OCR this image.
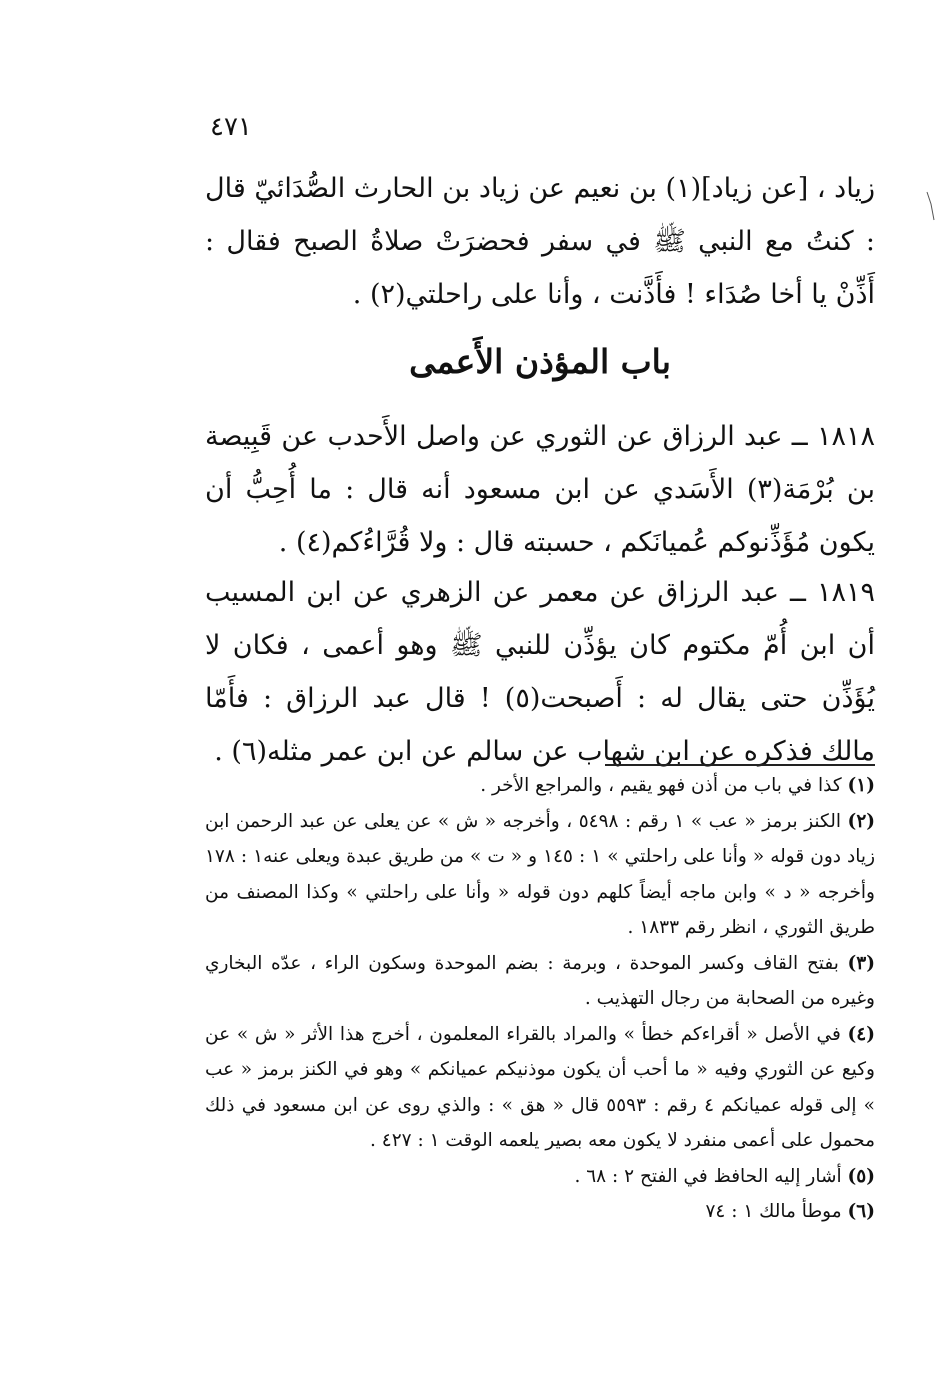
٤٧١

زياد ، [عن زياد](١) بن نعيم عن زياد بن الحارث الصُّدَائيّ قال : كنتُ مع النبي ﷺ في سفر فحضرَتْ صلاةُ الصبح فقال : أَذِّنْ يا أخا صُدَاء ! فأَذَّنت ، وأنا على راحلتي(٢) .

باب المؤذن الأَعمى

١٨١٨ ــ عبد الرزاق عن الثوري عن واصل الأَحدب عن قَبِيصة بن بُرْمَة(٣) الأَسَدي عن ابن مسعود أنه قال : ما أُحِبُّ أن يكون مُؤَذِّنوكم عُميانَكم ، حسبته قال : ولا قُرَّاءُكم(٤) .

١٨١٩ ــ عبد الرزاق عن معمر عن الزهري عن ابن المسيب أن ابن أُمّ مكتوم كان يؤذِّن للنبي ﷺ وهو أعمى ، فكان لا يُؤَذِّن حتى يقال له : أَصبحت(٥) ! قال عبد الرزاق : فأَمّا مالك فذكره عن ابن شهاب عن سالم عن ابن عمر مثله(٦) .

(١) كذا في باب من أذن فهو يقيم ، والمراجع الأخر .

(٢) الكنز برمز « عب » ١ رقم : ٥٤٩٨ ، وأخرجه « ش » عن يعلى عن عبد الرحمن ابن زياد دون قوله « وأنا على راحلتي » ١ : ١٤٥ و « ت » من طريق عبدة ويعلى عنه١ : ١٧٨ وأخرجه « د » وابن ماجه أيضاً كلهم دون قوله « وأنا على راحلتي » وكذا المصنف من طريق الثوري ، انظر رقم ١٨٣٣ .

(٣) بفتح القاف وكسر الموحدة ، وبرمة : بضم الموحدة وسكون الراء ، عدّه البخاري وغيره من الصحابة من رجال التهذيب .

(٤) في الأصل « أقراءكم خطأ » والمراد بالقراء المعلمون ، أخرج هذا الأثر « ش » عن وكيع عن الثوري وفيه « ما أحب أن يكون موذنيكم عميانكم » وهو في الكنز برمز « عب » إلى قوله عميانكم ٤ رقم : ٥٥٩٣ قال « هق » : والذي روى عن ابن مسعود في ذلك محمول على أعمى منفرد لا يكون معه بصير يلعمه الوقت ١ : ٤٢٧ .

(٥) أشار إليه الحافظ في الفتح ٢ : ٦٨ .

(٦) موطأ مالك ١ : ٧٤
